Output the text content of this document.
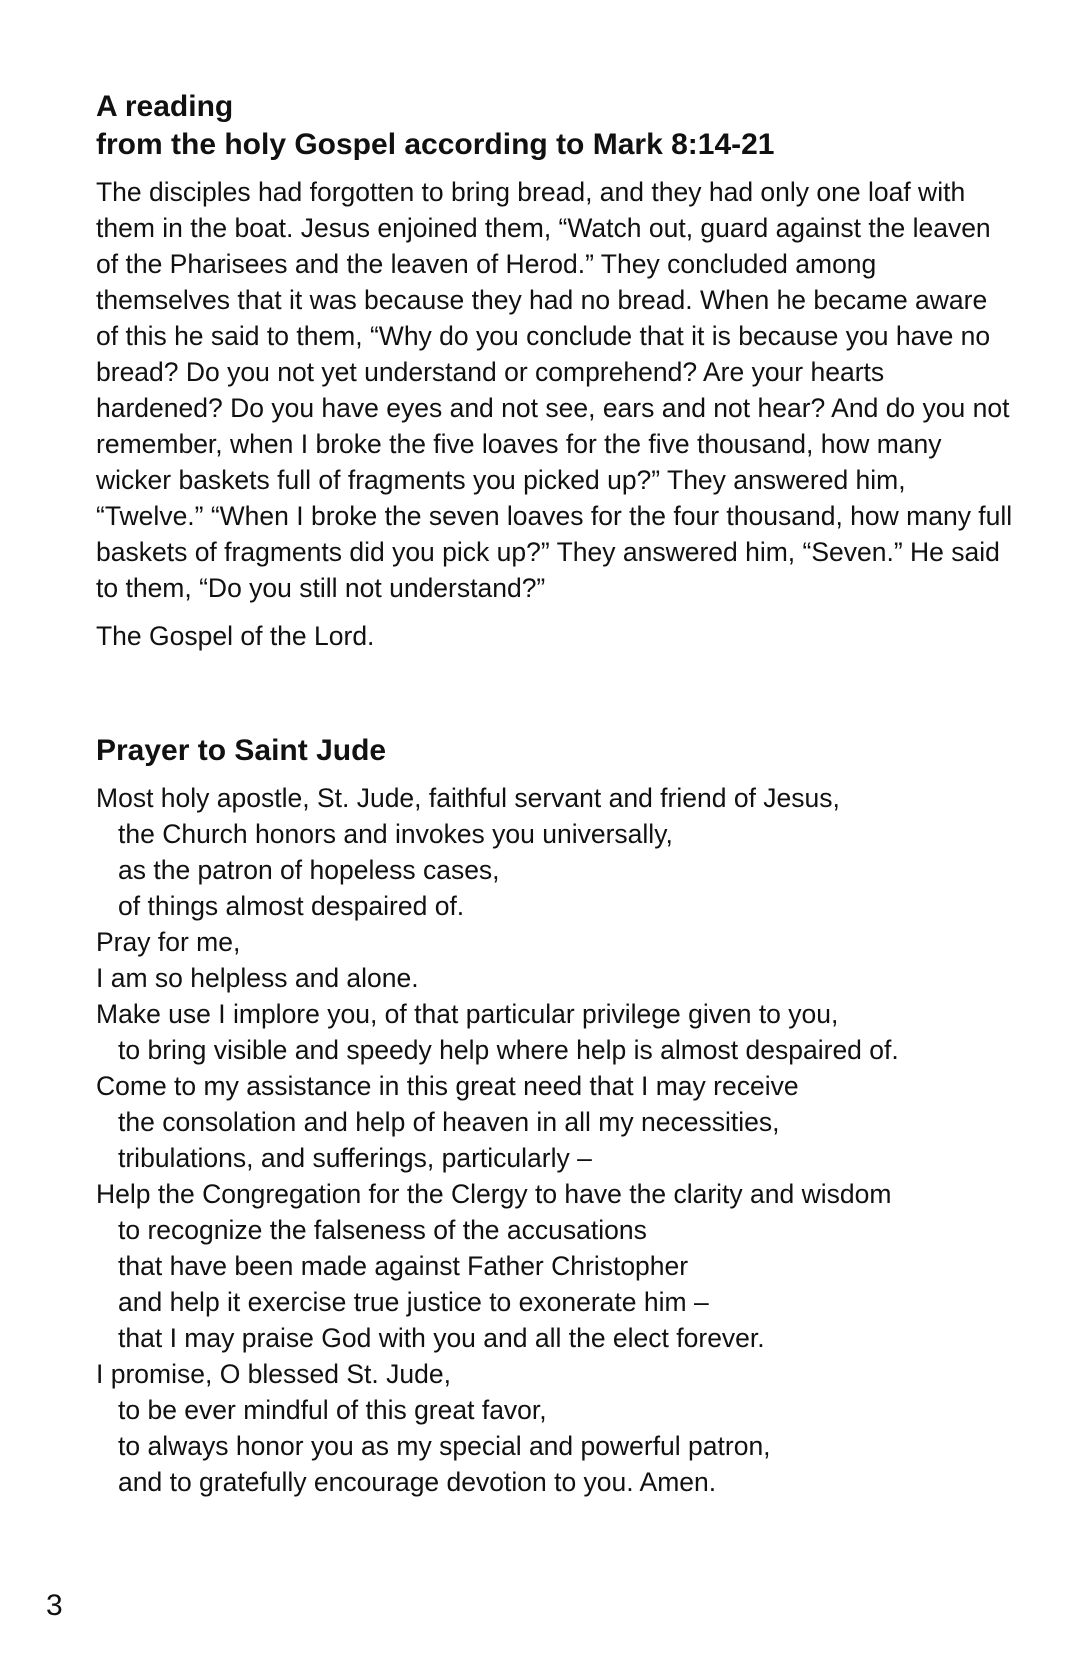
A reading
from the holy Gospel according to Mark 8:14-21

The disciples had forgotten to bring bread, and they had only one loaf with them in the boat. Jesus enjoined them, “Watch out, guard against the leaven of the Pharisees and the leaven of Herod.” They concluded among themselves that it was because they had no bread. When he became aware of this he said to them, “Why do you conclude that it is because you have no bread? Do you not yet understand or comprehend? Are your hearts hardened? Do you have eyes and not see, ears and not hear? And do you not remember, when I broke the five loaves for the five thousand, how many wicker baskets full of fragments you picked up?” They answered him, “Twelve.” “When I broke the seven loaves for the four thousand, how many full baskets of fragments did you pick up?” They answered him, “Seven.” He said to them, “Do you still not understand?”

The Gospel of the Lord.

Prayer to Saint Jude
Most holy apostle, St. Jude, faithful servant and friend of Jesus,
the Church honors and invokes you universally,
as the patron of hopeless cases,
of things almost despaired of.
Pray for me,
I am so helpless and alone.
Make use I implore you, of that particular privilege given to you,
to bring visible and speedy help where help is almost despaired of.
Come to my assistance in this great need that I may receive
the consolation and help of heaven in all my necessities,
tribulations, and sufferings, particularly –
Help the Congregation for the Clergy to have the clarity and wisdom
to recognize the falseness of the accusations
that have been made against Father Christopher
and help it exercise true justice to exonerate him –
that I may praise God with you and all the elect forever.
I promise, O blessed St. Jude,
to be ever mindful of this great favor,
to always honor you as my special and powerful patron,
and to gratefully encourage devotion to you. Amen.
3
